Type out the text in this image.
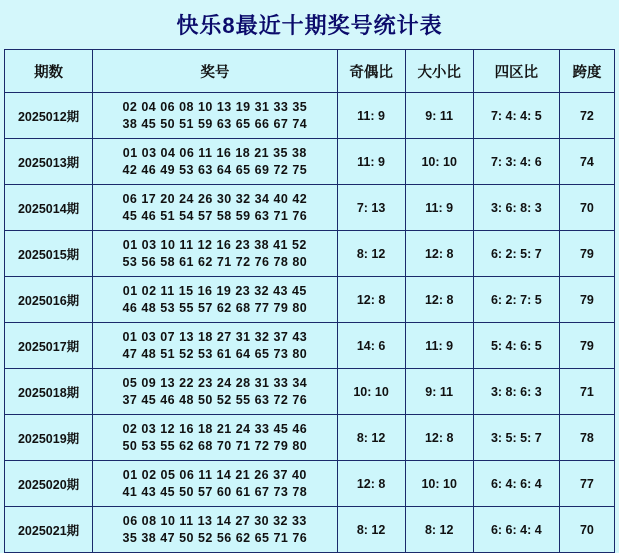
快乐8最近十期奖号统计表
期数	奖号	奇偶比	大小比	四区比	跨度
2025012期	02 04 06 08 10 13 19 31 33 35
38 45 50 51 59 63 65 66 67 74	11: 9	9: 11	7: 4: 4: 5	72
2025013期	01 03 04 06 11 16 18 21 35 38
42 46 49 53 63 64 65 69 72 75	11: 9	10: 10	7: 3: 4: 6	74
2025014期	06 17 20 24 26 30 32 34 40 42
45 46 51 54 57 58 59 63 71 76	7: 13	11: 9	3: 6: 8: 3	70
2025015期	01 03 10 11 12 16 23 38 41 52
53 56 58 61 62 71 72 76 78 80	8: 12	12: 8	6: 2: 5: 7	79
2025016期	01 02 11 15 16 19 23 32 43 45
46 48 53 55 57 62 68 77 79 80	12: 8	12: 8	6: 2: 7: 5	79
2025017期	01 03 07 13 18 27 31 32 37 43
47 48 51 52 53 61 64 65 73 80	14: 6	11: 9	5: 4: 6: 5	79
2025018期	05 09 13 22 23 24 28 31 33 34
37 45 46 48 50 52 55 63 72 76	10: 10	9: 11	3: 8: 6: 3	71
2025019期	02 03 12 16 18 21 24 33 45 46
50 53 55 62 68 70 71 72 79 80	8: 12	12: 8	3: 5: 5: 7	78
2025020期	01 02 05 06 11 14 21 26 37 40
41 43 45 50 57 60 61 67 73 78	12: 8	10: 10	6: 4: 6: 4	77
2025021期	06 08 10 11 13 14 27 30 32 33
35 38 47 50 52 56 62 65 71 76	8: 12	8: 12	6: 6: 4: 4	70
